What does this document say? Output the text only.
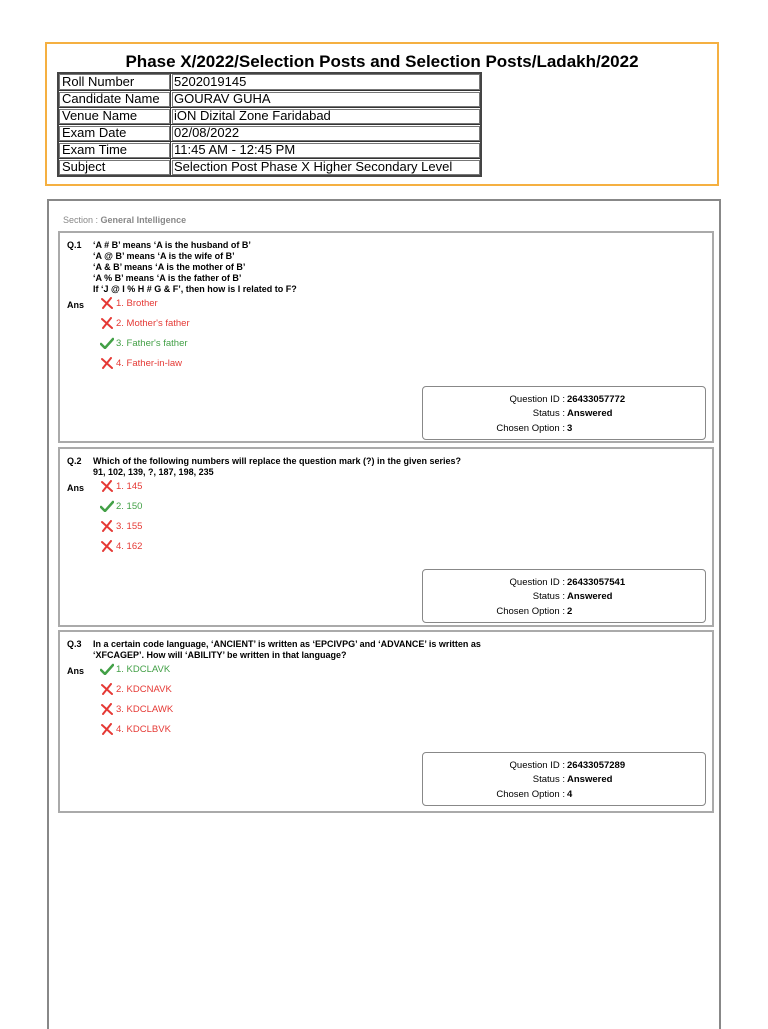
Phase X/2022/Selection Posts and Selection Posts/Ladakh/2022
Roll Number	5202019145
Candidate Name	GOURAV GUHA
Venue Name	iON Dizital Zone Faridabad
Exam Date	02/08/2022
Exam Time	11:45 AM - 12:45 PM
Subject	Selection Post Phase X Higher Secondary Level
Section : General Intelligence
Q.1 ‘A # B’ means ‘A is the husband of B’
‘A @ B’ means ‘A is the wife of B’
‘A & B’ means ‘A is the mother of B’
‘A % B’ means ‘A is the father of B’
If ‘J @ I % H # G & F’, then how is I related to F?
Ans	1. Brother
2. Mother's father
3. Father's father
4. Father-in-law
Question ID : 26433057772
Status : Answered
Chosen Option : 3
Q.2 Which of the following numbers will replace the question mark (?) in the given series?
91, 102, 139, ?, 187, 198, 235
Ans	1. 145
2. 150
3. 155
4. 162
Question ID : 26433057541
Status : Answered
Chosen Option : 2
Q.3 In a certain code language, ‘ANCIENT’ is written as ‘EPCIVPG’ and ‘ADVANCE’ is written as
‘XFCAGEP’. How will ‘ABILITY’ be written in that language?
Ans	1. KDCLAVK
2. KDCNAVK
3. KDCLAWK
4. KDCLBVK
Question ID : 26433057289
Status : Answered
Chosen Option : 4
